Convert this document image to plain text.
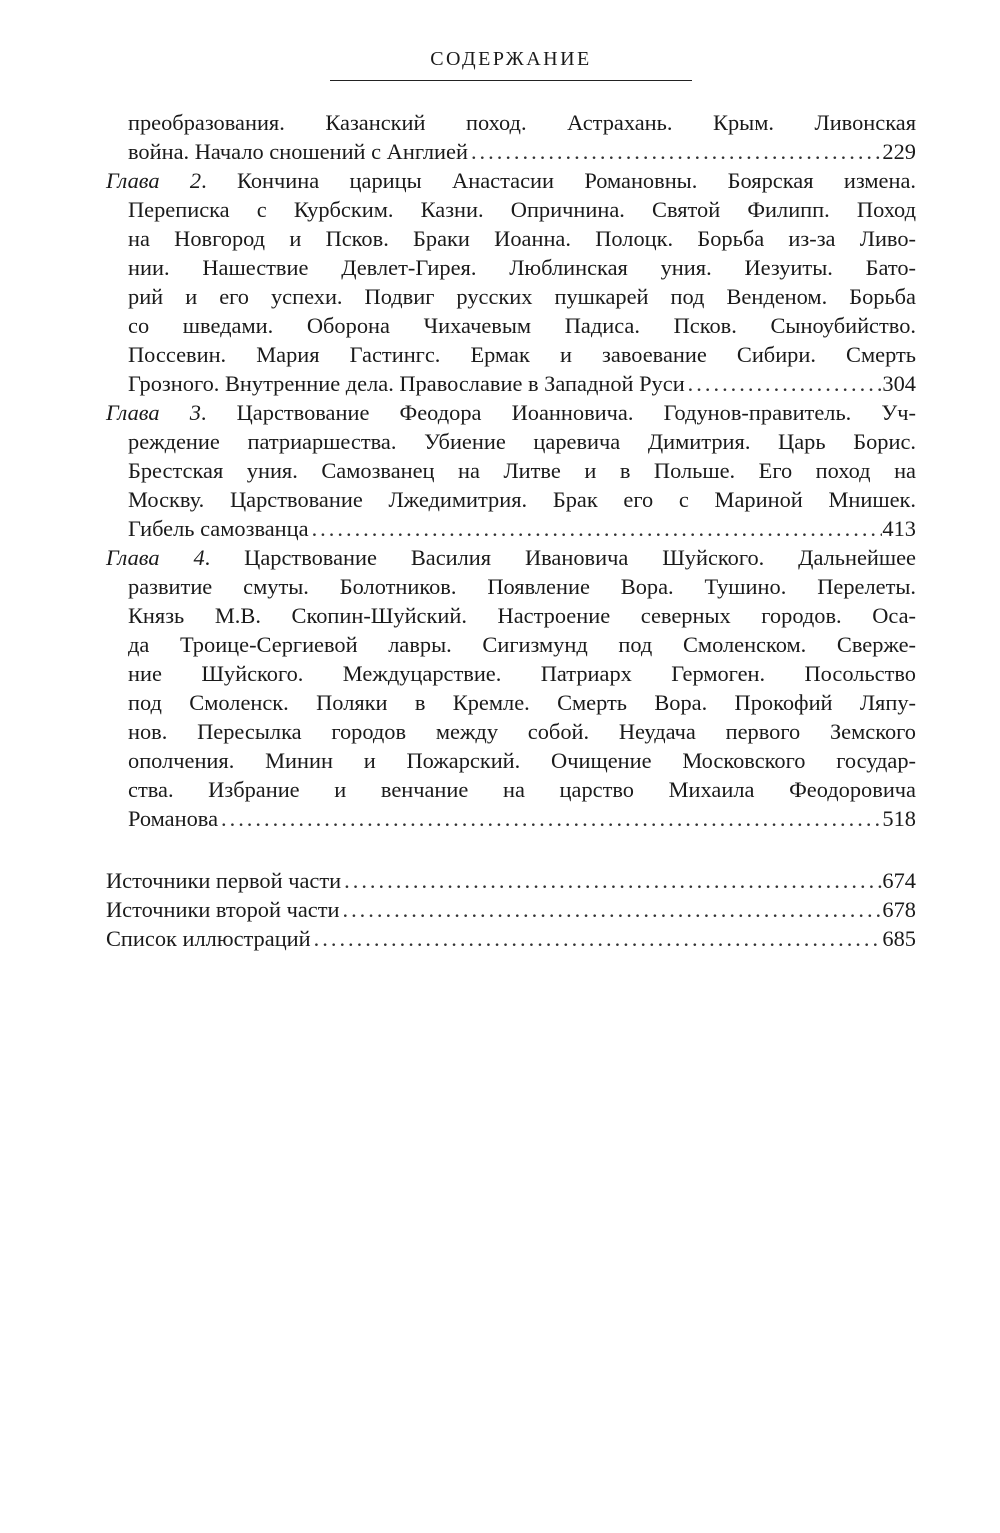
СОДЕРЖАНИЕ
преобразования. Казанский поход. Астрахань. Крым. Ливонская
война. Начало сношений с Англией .....	229
Глава 2. Кончина царицы Анастасии Романовны. Боярская измена.
Переписка с Курбским. Казни. Опричнина. Святой Филипп. Поход
на Новгород и Псков. Браки Иоанна. Полоцк. Борьба из-за Ливо-
нии. Нашествие Девлет-Гирея. Люблинская уния. Иезуиты. Бато-
рий и его успехи. Подвиг русских пушкарей под Венденом. Борьба
со шведами. Оборона Чихачевым Падиса. Псков. Сыноубийство.
Поссевин. Мария Гастингс. Ермак и завоевание Сибири. Смерть
Грозного. Внутренние дела. Православие в Западной Руси .....	304
Глава 3. Царствование Феодора Иоанновича. Годунов-правитель. Уч-
реждение патриаршества. Убиение царевича Димитрия. Царь Борис.
Брестская уния. Самозванец на Литве и в Польше. Его поход на
Москву. Царствование Лжедимитрия. Брак его с Мариной Мнишек.
Гибель самозванца .....	413
Глава 4. Царствование Василия Ивановича Шуйского. Дальнейшее
развитие смуты. Болотников. Появление Вора. Тушино. Перелеты.
Князь М.В. Скопин-Шуйский. Настроение северных городов. Оса-
да Троице-Сергиевой лавры. Сигизмунд под Смоленском. Сверже-
ние Шуйского. Междуцарствие. Патриарх Гермоген. Посольство
под Смоленск. Поляки в Кремле. Смерть Вора. Прокофий Ляпу-
нов. Пересылка городов между собой. Неудача первого Земского
ополчения. Минин и Пожарский. Очищение Московского государ-
ства. Избрание и венчание на царство Михаила Феодоровича
Романова .....	518
Источники первой части .....	674
Источники второй части .....	678
Список иллюстраций .....	685
